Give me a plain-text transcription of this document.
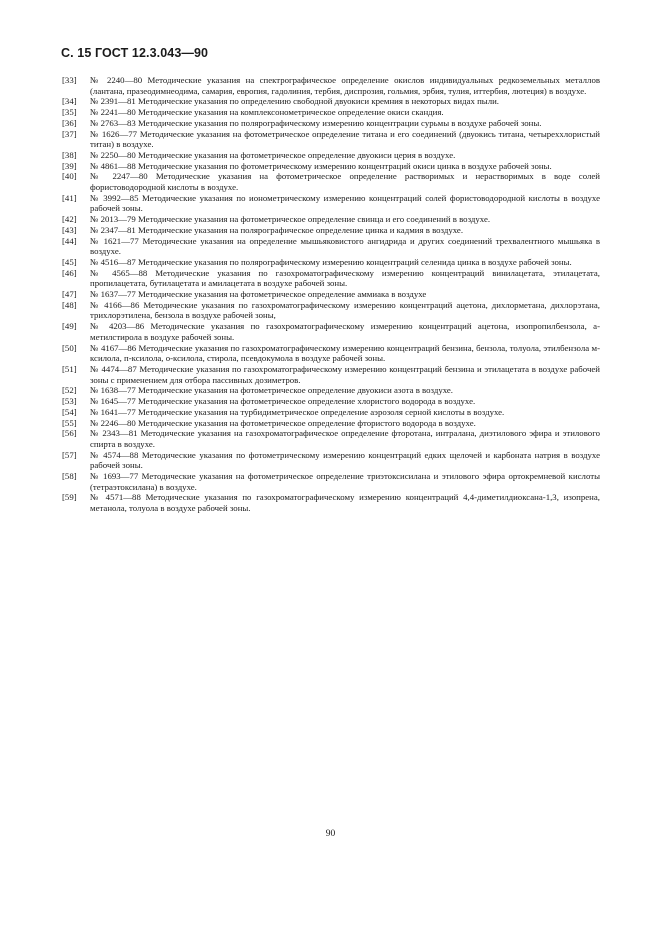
С. 15 ГОСТ 12.3.043—90
[33]	№ 2240—80 Методические указания на спектрографическое определение окислов индивидуальных редкоземельных металлов (лантана, празеодимнеодима, самария, европия, гадолиния, тербия, диспрозия, гольмия, эрбия, тулия, иттербия, лютеция) в воздухе.
[34]	№ 2391—81 Методические указания по определению свободной двуокиси кремния в некоторых видах пыли.
[35]	№ 2241—80 Методические указания на комплексонометрическое определение окиси скандия.
[36]	№ 2763—83 Методические указания по полярографическому измерению концентрации сурьмы в воздухе рабочей зоны.
[37]	№ 1626—77 Методические указания на фотометрическое определение титана и его соединений (двуокись титана, четыреххлористый титан) в воздухе.
[38]	№ 2250—80 Методические указания на фотометрическое определение двуокиси церия в воздухе.
[39]	№ 4861—88 Методические указания по фотометрическому измерению концентраций окиси цинка в воздухе рабочей зоны.
[40]	№ 2247—80 Методические указания на фотометрическое определение растворимых и нерастворимых в воде солей фористоводородной кислоты в воздухе.
[41]	№ 3992—85 Методические указания по ионометрическому измерению концентраций солей фористоводородной кислоты в воздухе рабочей зоны.
[42]	№ 2013—79 Методические указания на фотометрическое определение свинца и его соединений в воздухе.
[43]	№ 2347—81 Методические указания на полярографическое определение цинка и кадмия в воздухе.
[44]	№ 1621—77 Методические указания на определение мышьяковистого ангидрида и других соединений трехвалентного мышьяка в воздухе.
[45]	№ 4516—87 Методические указания по полярографическому измерению концентраций селенида цинка в воздухе рабочей зоны.
[46]	№ 4565—88 Методические указания по газохроматографическому измерению концентраций винилацетата, этилацетата, пропилацетата, бутилацетата и амилацетата в воздухе рабочей зоны.
[47]	№ 1637—77 Методические указания на фотометрическое определение аммиака в воздухе
[48]	№ 4166—86 Методические указания по газохроматографическому измерению концентраций ацетона, дихлорметана, дихлорэтана, трихлорэтилена, бензола в воздухе рабочей зоны,
[49]	№ 4203—86 Методические указания по газохроматографическому измерению концентраций ацетона, изопропилбензола, а-метилстирола в воздухе рабочей зоны.
[50]	№ 4167—86 Методические указания по газохроматографическому измерению концентраций бензина, бензола, толуола, этилбензола м-ксилола, п-ксилола, о-ксилола, стирола, псевдокумола в воздухе рабочей зоны.
[51]	№ 4474—87 Методические указания по газохроматографическому измерению концентраций бензина и этилацетата в воздухе рабочей зоны с применением для отбора пассивных дозиметров.
[52]	№ 1638—77 Методические указания на фотометрическое определение двуокиси азота в воздухе.
[53]	№ 1645—77 Методические указания на фотометрическое определение хлористого водорода в воздухе.
[54]	№ 1641—77 Методические указания на турбидиметрическое определение аэрозоля серной кислоты в воздухе.
[55]	№ 2246—80 Методические указания на фотометрическое определение фтористого водорода в воздухе.
[56]	№ 2343—81 Методические указания на газохроматографическое определение фторотана, интралана, диэтилового эфира и этилового спирта в воздухе.
[57]	№ 4574—88 Методические указания по фотометрическому измерению концентраций едких щелочей и карбоната натрия в воздухе рабочей зоны.
[58]	№ 1693—77 Методические указания на фотометрическое определение триэтоксисилана и этилового эфира ортокремневой кислоты (тетраэтоксилана) в воздухе.
[59]	№ 4571—88 Методические указания по газохроматографическому измерению концентраций 4,4-диметилдиоксана-1,3, изопрена, метанола, толуола в воздухе рабочей зоны.
90
